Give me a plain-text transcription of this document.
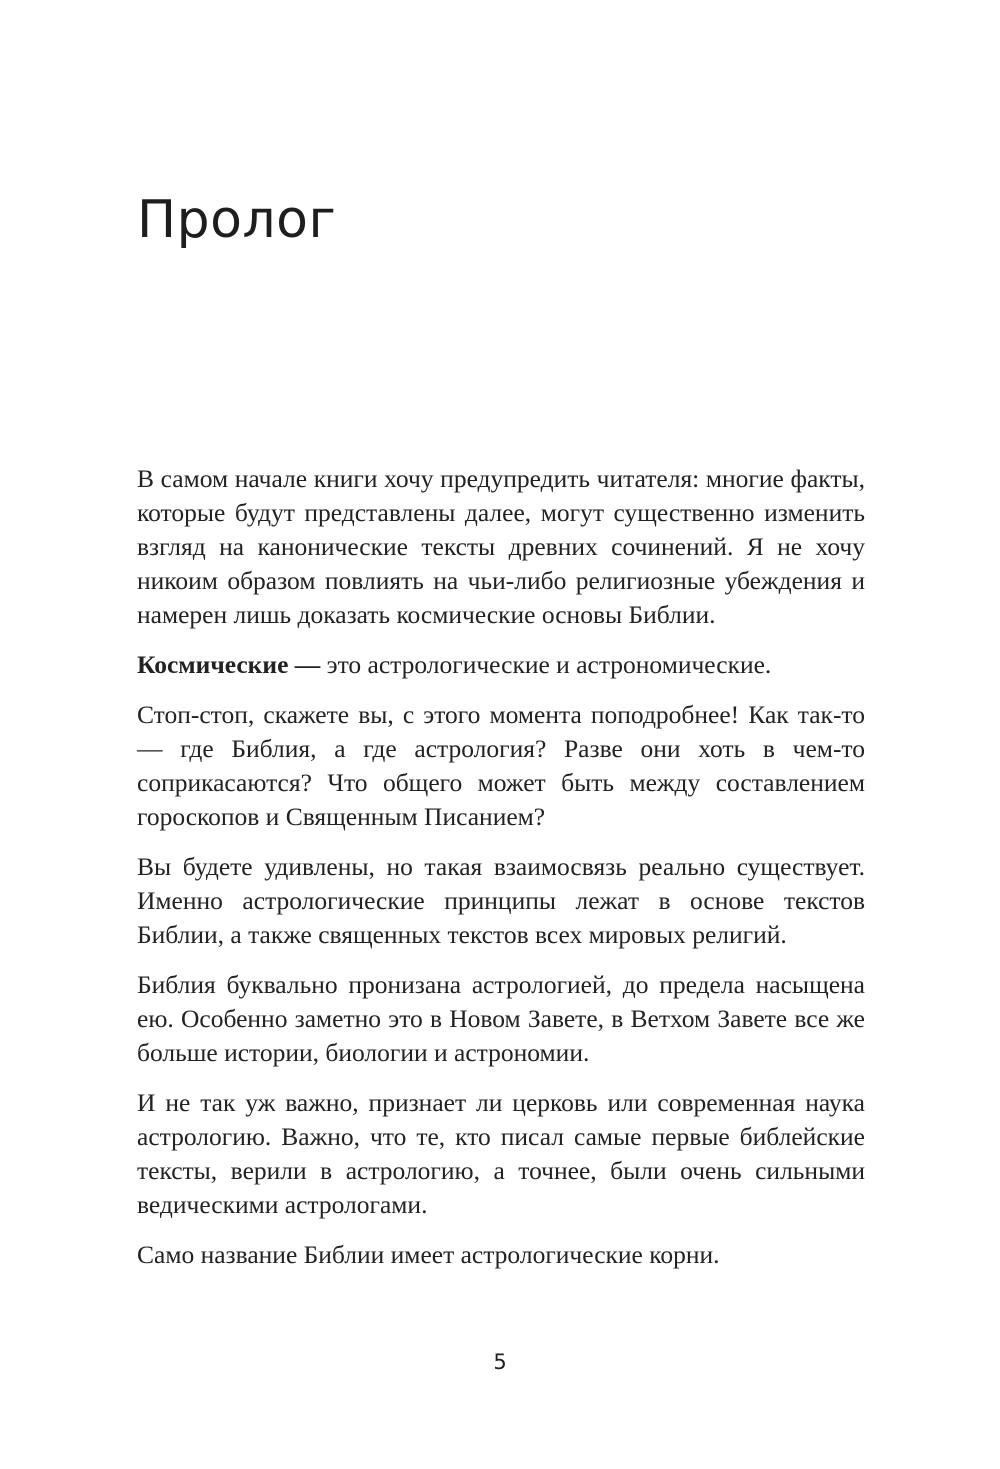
Пролог

В самом начале книги хочу предупредить читателя: многие факты, которые будут представлены далее, могут существенно изменить взгляд на канонические тексты древних сочинений. Я не хочу никоим образом повлиять на чьи-либо религиозные убеждения и намерен лишь доказать космические основы Библии.

Космические — это астрологические и астрономические.

Стоп-стоп, скажете вы, с этого момента поподробнее! Как так-то — где Библия, а где астрология? Разве они хоть в чем-то соприкасаются? Что общего может быть между составлением гороскопов и Священным Писанием?

Вы будете удивлены, но такая взаимосвязь реально существует. Именно астрологические принципы лежат в основе текстов Библии, а также священных текстов всех мировых религий.

Библия буквально пронизана астрологией, до предела насыщена ею. Особенно заметно это в Новом Завете, в Ветхом Завете все же больше истории, биологии и астрономии.

И не так уж важно, признает ли церковь или современная наука астрологию. Важно, что те, кто писал самые первые библейские тексты, верили в астрологию, а точнее, были очень сильными ведическими астрологами.

Само название Библии имеет астрологические корни.

5
